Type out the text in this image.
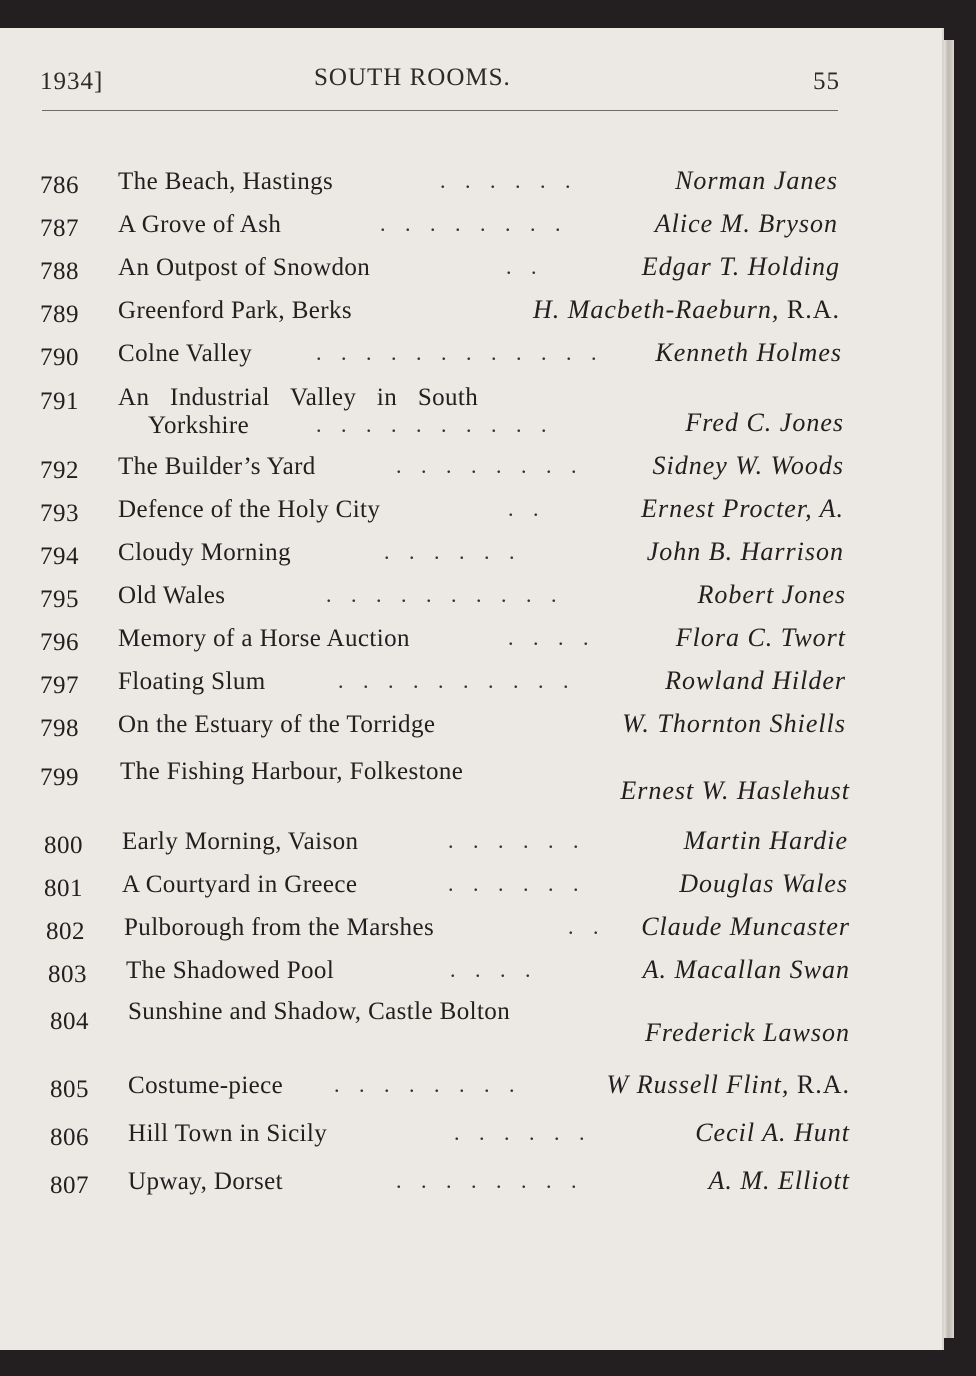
1934]	SOUTH ROOMS.	55
786 The Beach, Hastings	. . . . . .	Norman Janes
787 A Grove of Ash	. . . . . . . .	Alice M. Bryson
788 An Outpost of Snowdon	. .	Edgar T. Holding
789 Greenford Park, Berks	H. Macbeth-Raeburn, R.A.
790 Colne Valley	. . . . . . . . . . . . Kenneth Holmes
791 An Industrial Valley in South
Yorkshire	. . . . . . . . . .	Fred C. Jones
792 The Builder’s Yard	. . . . . . . .	Sidney W. Woods
793 Defence of the Holy City	. .	Ernest Procter, A.
794 Cloudy Morning	. . . . . .	John B. Harrison
795 Old Wales	. . . . . . . . . .	Robert Jones
796 Memory of a Horse Auction	. . . .	Flora C. Twort
797 Floating Slum	. . . . . . . . . .	Rowland Hilder
798 On the Estuary of the Torridge	W. Thornton Shiells
799 The Fishing Harbour, Folkestone
Ernest W. Haslehust
800 Early Morning, Vaison	. . . . . .	Martin Hardie
801 A Courtyard in Greece	. . . . . .	Douglas Wales
802 Pulborough from the Marshes	. . Claude Muncaster
803 The Shadowed Pool	. . . .	A. Macallan Swan
804 Sunshine and Shadow, Castle Bolton
Frederick Lawson
805 Costume-piece . . . . . . . .	W Russell Flint, R.A.
806 Hill Town in Sicily	. . . . . .	Cecil A. Hunt
807 Upway, Dorset	. . . . . . . .	A. M. Elliott
